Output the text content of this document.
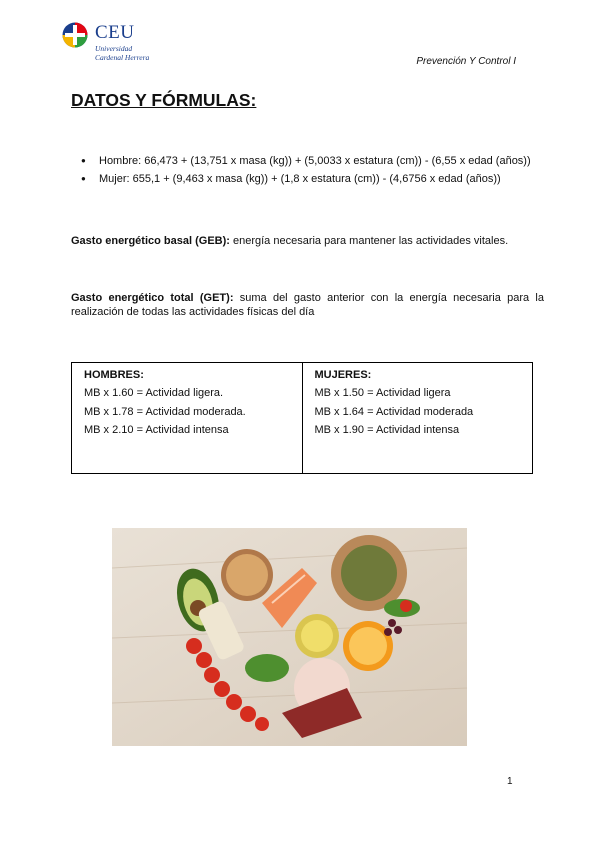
CEU
Universidad
Cardenal Herrera	Prevención Y Control I
DATOS Y FÓRMULAS:
● Hombre: 66,473 + (13,751 x masa (kg)) + (5,0033 x estatura (cm)) - (6,55 x edad (años))
● Mujer: 655,1 + (9,463 x masa (kg)) + (1,8 x estatura (cm)) - (4,6756 x edad (años))
Gasto energético basal (GEB): energía necesaria para mantener las actividades vitales.
Gasto energético total (GET): suma del gasto anterior con la energía necesaria para la realización de todas las actividades físicas del día
HOMBRES:
MB x 1.60 = Actividad ligera.
MB x 1.78 = Actividad moderada.
MB x 2.10 = Actividad intensa

MUJERES:
MB x 1.50 = Actividad ligera
MB x 1.64 = Actividad moderada
MB x 1.90 = Actividad intensa
1
